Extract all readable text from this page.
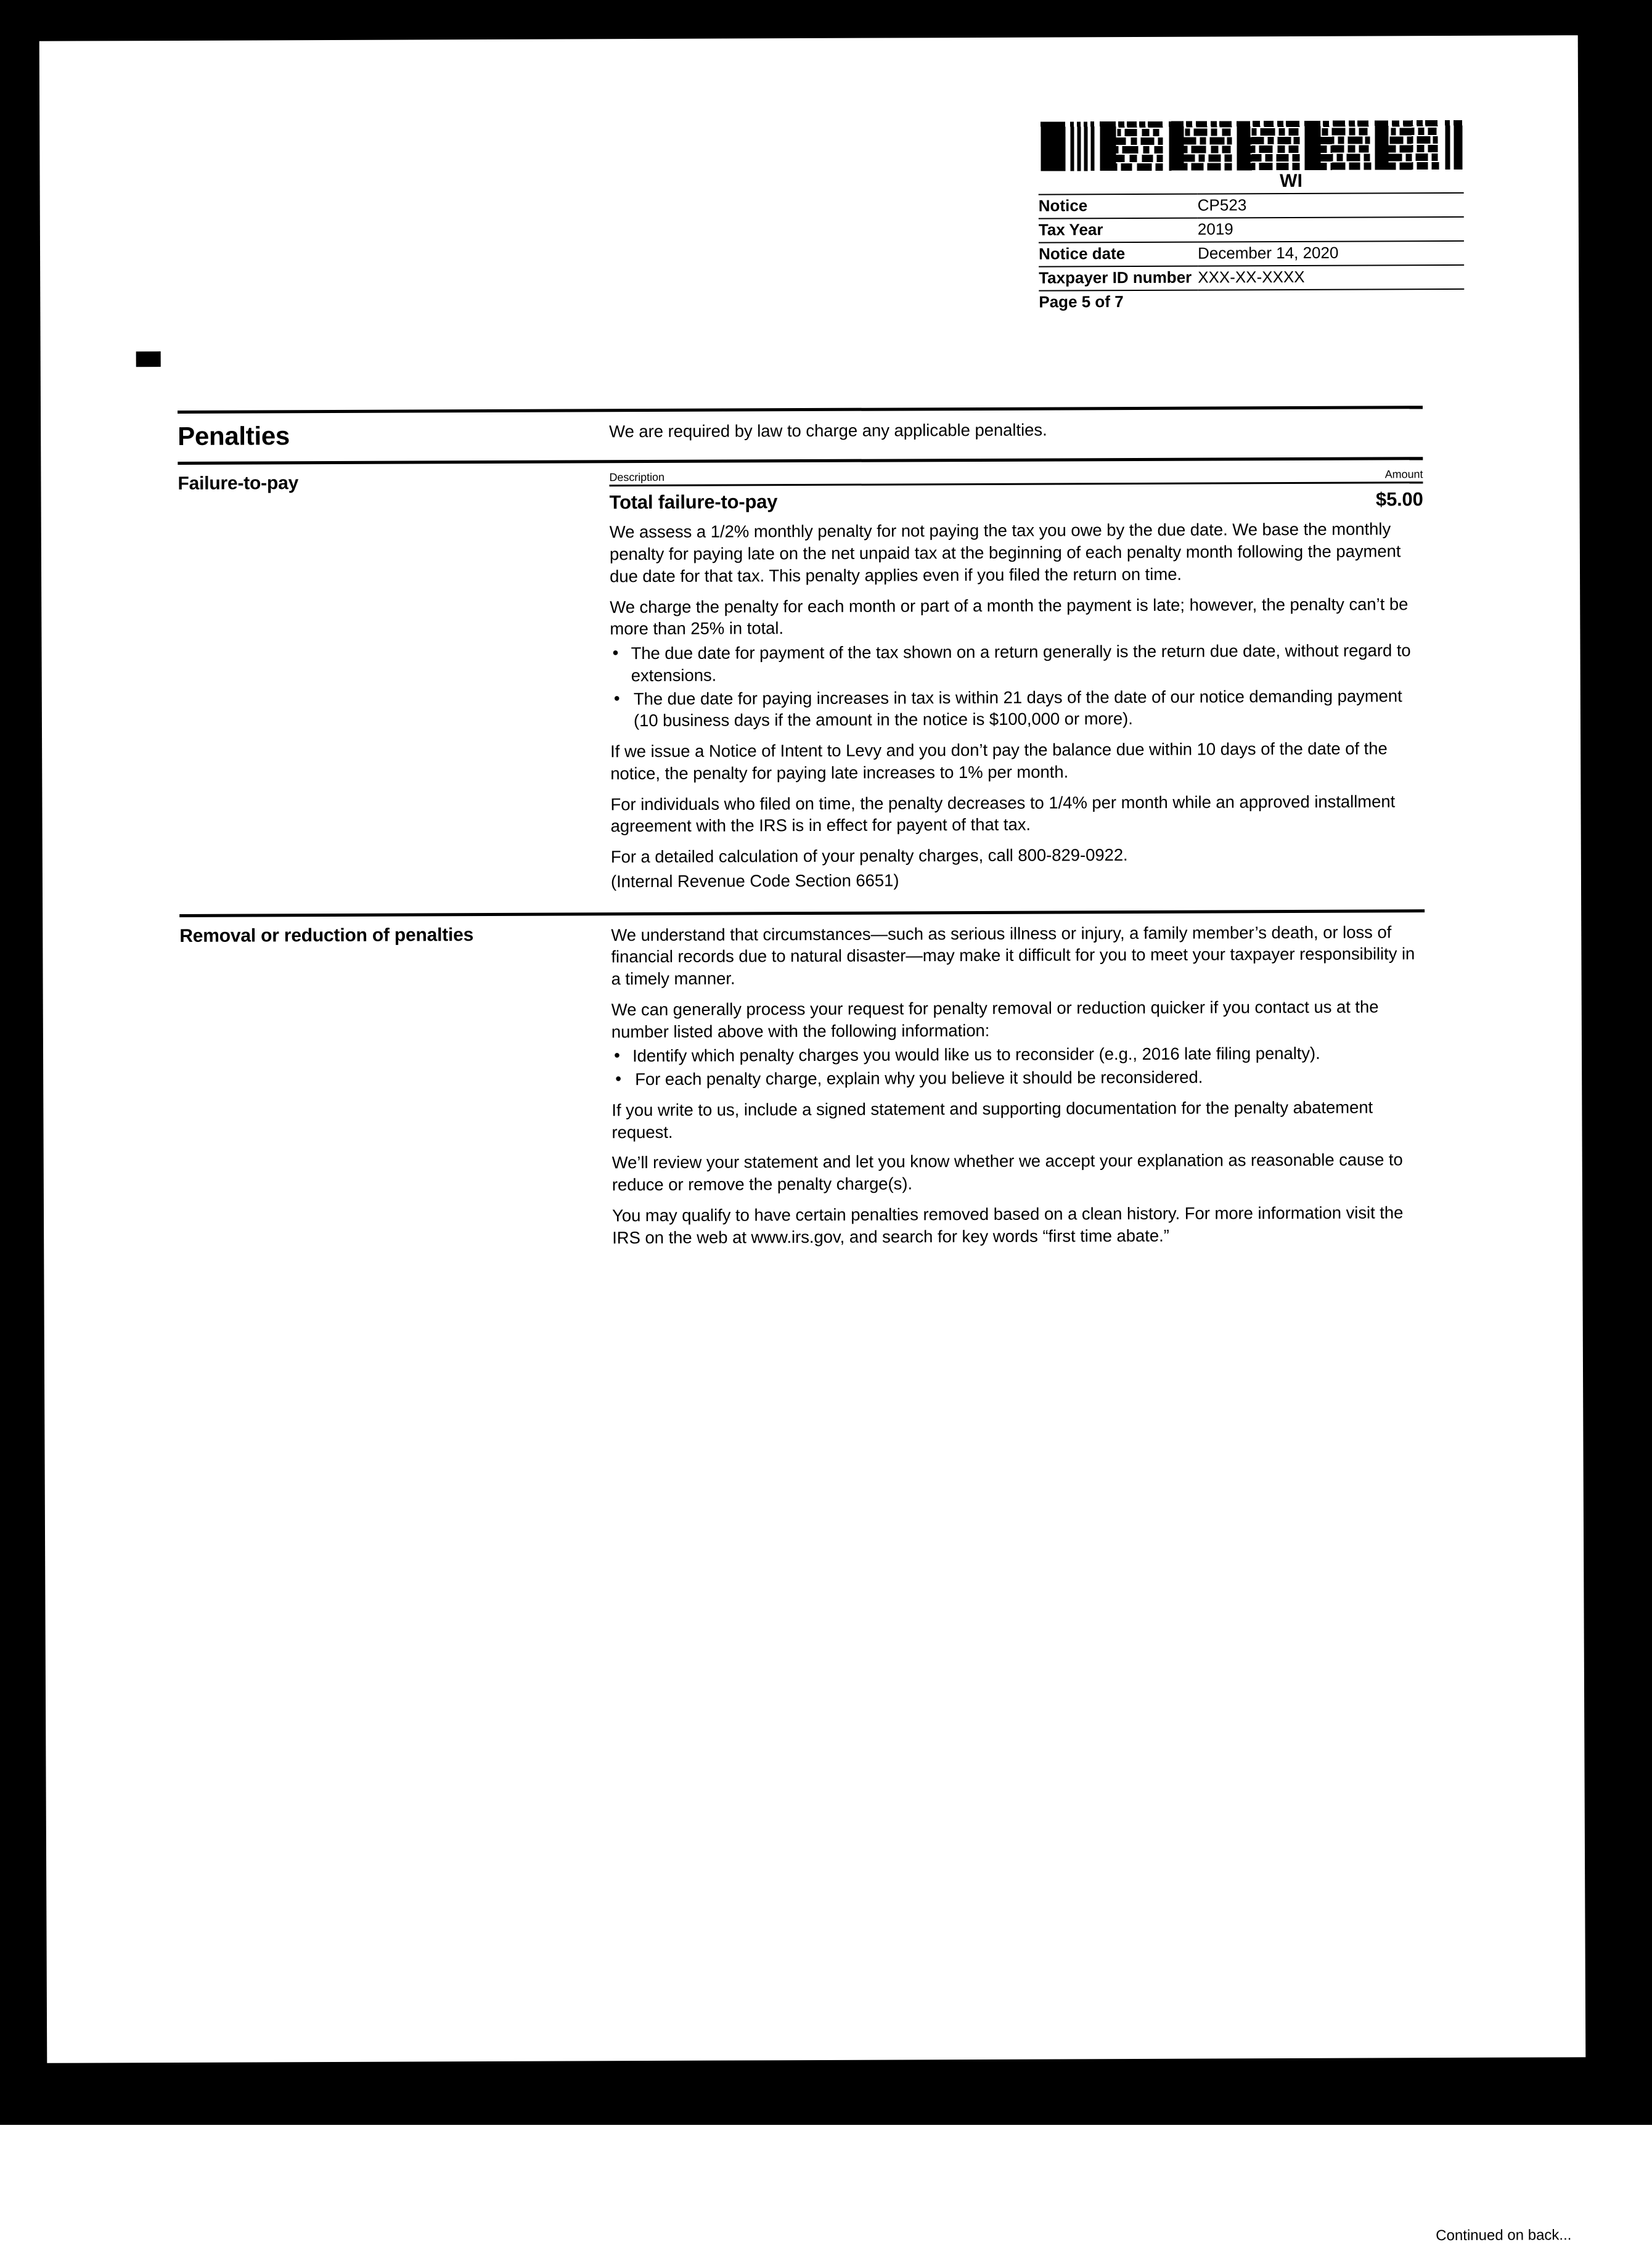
WI
Notice	CP523
Tax Year	2019
Notice date	December 14, 2020
Taxpayer ID number	XXX-XX-XXXX
Page 5 of 7	
Penalties	We are required by law to charge any applicable penalties.
Failure-to-pay	Description	Amount
Total failure-to-pay	$5.00

We assess a 1/2% monthly penalty for not paying the tax you owe by the due date. We base the monthly penalty for paying late on the net unpaid tax at the beginning of each penalty month following the payment due date for that tax. This penalty applies even if you filed the return on time.

We charge the penalty for each month or part of a month the payment is late; however, the penalty can’t be more than 25% in total.

• The due date for payment of the tax shown on a return generally is the return due date, without regard to extensions.
• The due date for paying increases in tax is within 21 days of the date of our notice demanding payment (10 business days if the amount in the notice is $100,000 or more).

If we issue a Notice of Intent to Levy and you don’t pay the balance due within 10 days of the date of the notice, the penalty for paying late increases to 1% per month.

For individuals who filed on time, the penalty decreases to 1/4% per month while an approved installment agreement with the IRS is in effect for payent of that tax.

For a detailed calculation of your penalty charges, call 800-829-0922.

(Internal Revenue Code Section 6651)

Removal or reduction of penalties	We understand that circumstances—such as serious illness or injury, a family member’s death, or loss of financial records due to natural disaster—may make it difficult for you to meet your taxpayer responsibility in a timely manner.

We can generally process your request for penalty removal or reduction quicker if you contact us at the number listed above with the following information:

• Identify which penalty charges you would like us to reconsider (e.g., 2016 late filing penalty).
• For each penalty charge, explain why you believe it should be reconsidered.

If you write to us, include a signed statement and supporting documentation for the penalty abatement request.

We’ll review your statement and let you know whether we accept your explanation as reasonable cause to reduce or remove the penalty charge(s).

You may qualify to have certain penalties removed based on a clean history. For more information visit the IRS on the web at www.irs.gov, and search for key words “first time abate.”

Continued on back...
